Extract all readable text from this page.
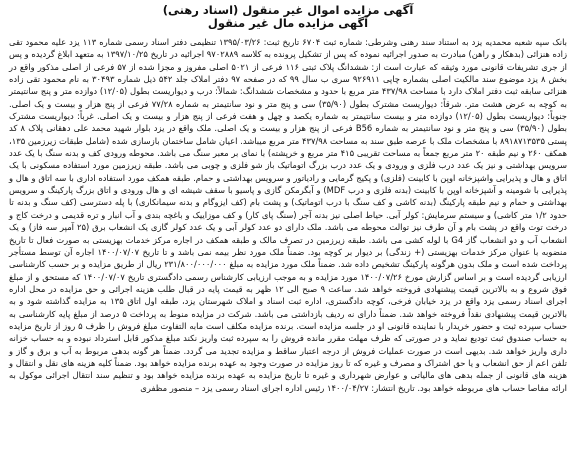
آگهی مزایده اموال غیر منقول (اسناد رهنی)
آگهی مزایده مال غیر منقول
بانک سپه شعبه محمدیه یزد به استناد سند رهنی وشرطی: شماره ثبت ۶۷۰۴ تاریخ ثبت: ۱۳۹۵/۰۳/۲۶ تنظیمی دفتر اسناد رسمی شماره ۱۱۳ یزد علیه محمود تقی زاده هنزائی (بدهکار و راهن) مبادرت به صدور اجرائیه نموده که پس از تشکیل پرونده به کلاسه ۹۷۰۲۸۸۹ اجرائیه در تاریخ ۱۳۹۷/۱۰/۲۵ به متعهد ابلاغ گردیده و پس از جری تشریفات قانونی مورد وثیقه که عبارت است از: ششدانگ پلاک ثبتی ۱۱۶ فرعی از ۵۰۲۱ اصلی مفروز و مجزا شده از ۵۷ فرعی از اصلی مذکور واقع در بخش ۸ یزد موضوع سند مالکیت اصلی بشماره چاپی ۹۲۶۹۱۱ سری ب سال ۹۹ که در صفحه ۹۷ دفتر املاک جلد ۵۴۲ ذیل شماره ۳۰۴۹۳ به نام محمود تقی زاده هنزائی سابقه ثبت دفتر املاک دارد با مساحت ۴۳۷/۹۸ متر مربع با حدود و مشخصات ششدانگ: شمالاً: درب و دیواریست بطول (۱۲/۰۵) دوازده متر و پنج سانتیمتر به کوچه به عرض هشت متر. شرقاً: دیواریست مشترک بطول (۳۵/۹۰) سی و پنج متر و نود سانتیمتر به شماره ۷۷/۲۸ فرعی از پنج هزار و بیست و یک اصلی. جنوباً: دیواریست بطول (۱۲/۰۵) دوازده متر و بیست سانتیمتر به شماره یکصد و چهل و هفت فرعی از پنج هزار و بیست و یک اصلی. غرباً: دیواریست مشترک بطول (۳۵/۹۰) سی و پنج متر و نود سانتیمتر به شماره B56 فرعی از پنج هزار و بیست و یک اصلی. ملک واقع در یزد بلوار شهید محمد علی دهقانی پلاک ۸ کد پستی ۸۹۱۸۷۱۳۵۳۵ با مشخصات ملک با عرصه طبق سند به مساحت ۴۳۷/۹۸ متر مربع میباشد. اعیان شامل ساختمان بازسازی شده (شامل طبقات زیرزمین ۱۳۵، همکف ۲۶۰ و نیم طبقه ۲۰ متر مربع جمعاً به مساحت تقریبی ۴۱۵ متر مربع و خرپشته) با نمای بر معبر سنگ می باشد. محوطه ورودی کف و بدنه سنگ با یک عدد سرویس بهداشتی و نیز یک عدد درب فلزی و ورودی و یک عدد درب بزرگ اتوماتیک باز شو فلزی و چوبی می باشد. طبقه زیرزمین مورد استفاده مسکونی با یک اتاق و هال و پذیرایی واشپزخانه اوپن با کابینت (فلزی) و پکیج گرمایی و رادیاتور و سرویس بهداشتی و حمام. طبقه همکف مورد استفاده اداری با سه اتاق و هال و پذیرایی با شومینه و آشپزخانه اوپن با کابینت (بدنه فلزی و درب MDF) و آبگرمکن گازی و پاسیو با سقف شیشه ای و هال ورودی و اتاق بزرگ پارکینگ و سرویس بهداشتی و حمام و نیم طبقه پارکینگ (بدنه کاشی و کف سنگ با درب اتوماتیک) و پشت بام (کف ایزوگام و بدنه سیمانکاری) با پله دسترسی (کف سنگ و بدنه تا حدود ۱/۲ متر کاشی) و سیستم سرمایش: کولر آبی. حیاط اصلی نیز بدنه آجر (سنگ پای کار) و کف موزاییک و باغچه بندی و آب انبار و تره قدیمی و درخت کاج و درخت توت واقع در پشت بام و آن طرف نیز توالت محوطه می باشد. ملک دارای دو عدد کولر آبی و یک عدد کولر گازی یک انشعاب برق (۲۵ آمپر سه فاز) و یک انشعاب آب و دو انشعاب گاز G4 با لوله کشی می باشد. طبقه زیرزمین در تصرف مالک و طبقه همکف در اجاره مرکز خدمات بهزیستی به صورت فعال تا تاریخ منضوبه با عنوان مرکز خدمات بهزیستی (+ زندگی) بر دیوار بر کوچه بود. ضمناً ملک مورد نظر بیمه نمی باشد و تا تاریخ ۱۴۰۰/۰۷/۰۷ اجاره آن توسط مستأجر پرداخت شده است و ملک بدون هرگونه پارکینگ تشخیص داده شد. ضمناً ملک مورد مزایده به مبلغ ۲۳۱/۸۰۰/۰۰۰/۰۰۰ ریال از طریق مزایده و بر حسب کارشناسی ارزیابی گردیده است و بر اساس گزارش مورخ ۱۴۰۰/۰۷/۲۶ مورد مزایده و به موجب ارزیابی کارشناس رسمی دادگستری تاریخ ۱۴۰۰/۰۷/۰۷ که مستحق و از مبلغ فوق شروع و به بالاترین قیمت پیشنهادی فروخته خواهد شد. ساعت ۹ صبح الی ۱۲ ظهر به قیمت پایه در قبال طلب هزینه اجرائی و حق مزایده در محل اداره اجرای اسناد رسمی یزد واقع در یزد خیابان فرخی، کوچه دادگستری، اداره ثبت اسناد و املاک شهرستان یزد، طبقه اول اتاق ۱۳۵ به مزایده گذاشته شود و به بالاترین قیمت پیشنهادی نقداً فروخته خواهد شد. ضمناً دارای نه ردیف بازداشتی می باشد. شرکت در مزایده منوط به پرداخت ۵ درصد از مبلغ پایه کارشناسی به حساب سپرده ثبت و حضور خریدار با نماینده قانونی او در جلسه مزایده است. برنده مزایده مکلف است مابه التفاوت مبلغ فروش را ظرف ۵ روز از تاریخ مزایده به حساب صندوق ثبت تودیع نماید و در صورتی که ظرف مهلت مقرر مانده فروش را به سپرده ثبت واریز نکند مبلغ مذکور قابل استرداد نبوده و به حساب خزانه داری واریز خواهد شد. بدیهی است در صورت عملیات فروش از درجه اعتبار ساقط و مزایده تجدید می گردد. ضمناً هر گونه بدهی مربوط به آب و برق و گاز و تلفن اعم از حق انشعاب و یا حق اشتراک و مصرف و غیره که تا روز مزایده در صورت وجود به عهده برنده مزایده خواهد بود. ضمناً کلیه هزینه های نقل و انتقال و هزینه های قانونی از جمله بدهی های مالیاتی و عوارض شهرداری و غیره تا تاریخ مزایده به عهده برنده مزایده خواهد بود و تنظیم سند انتقال اجرائی موکول به ارائه مفاصا حساب های مربوطه خواهد بود. تاریخ انتشار: ۱۴۰۰/۰۴/۲۷ رئیس اداره اجرای اسناد رسمی یزد – منصور مظفری
